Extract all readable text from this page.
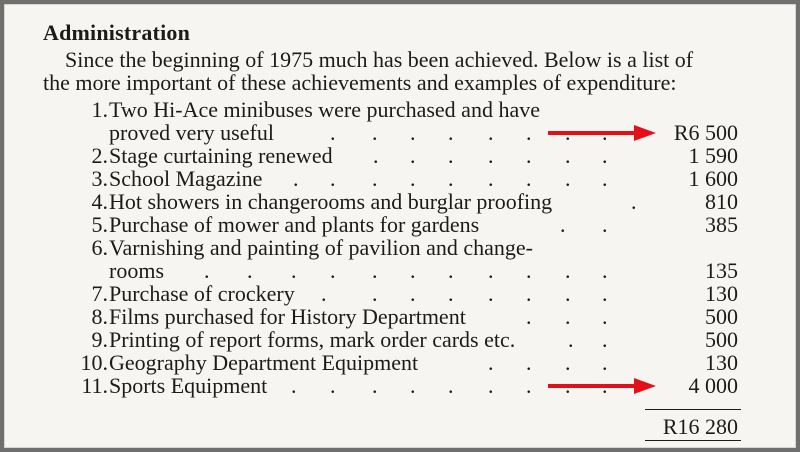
Administration
Since the beginning of 1975 much has been achieved. Below is a list of
the more important of these achievements and examples of expenditure:
1. Two Hi-Ace minibuses were purchased and have
proved very useful	. . . . . .	R6 500
2. Stage curtaining renewed . . . . . . .	1 590
3. School Magazine . . . . . . . . .	1 600
4. Hot showers in changerooms and burglar proofing	.	810
5. Purchase of mower and plants for gardens	. .	385
6. Varnishing and painting of pavilion and change-
rooms . . . . . . . . . . .	135
7. Purchase of crockery . . . . . . . .	130
8. Films purchased for History Department	. . .	500
9. Printing of report forms, mark order cards etc. . .	500
10. Geography Department Equipment	. . . .	130
11. Sports Equipment . . . . . . .	4 000
R16 280
